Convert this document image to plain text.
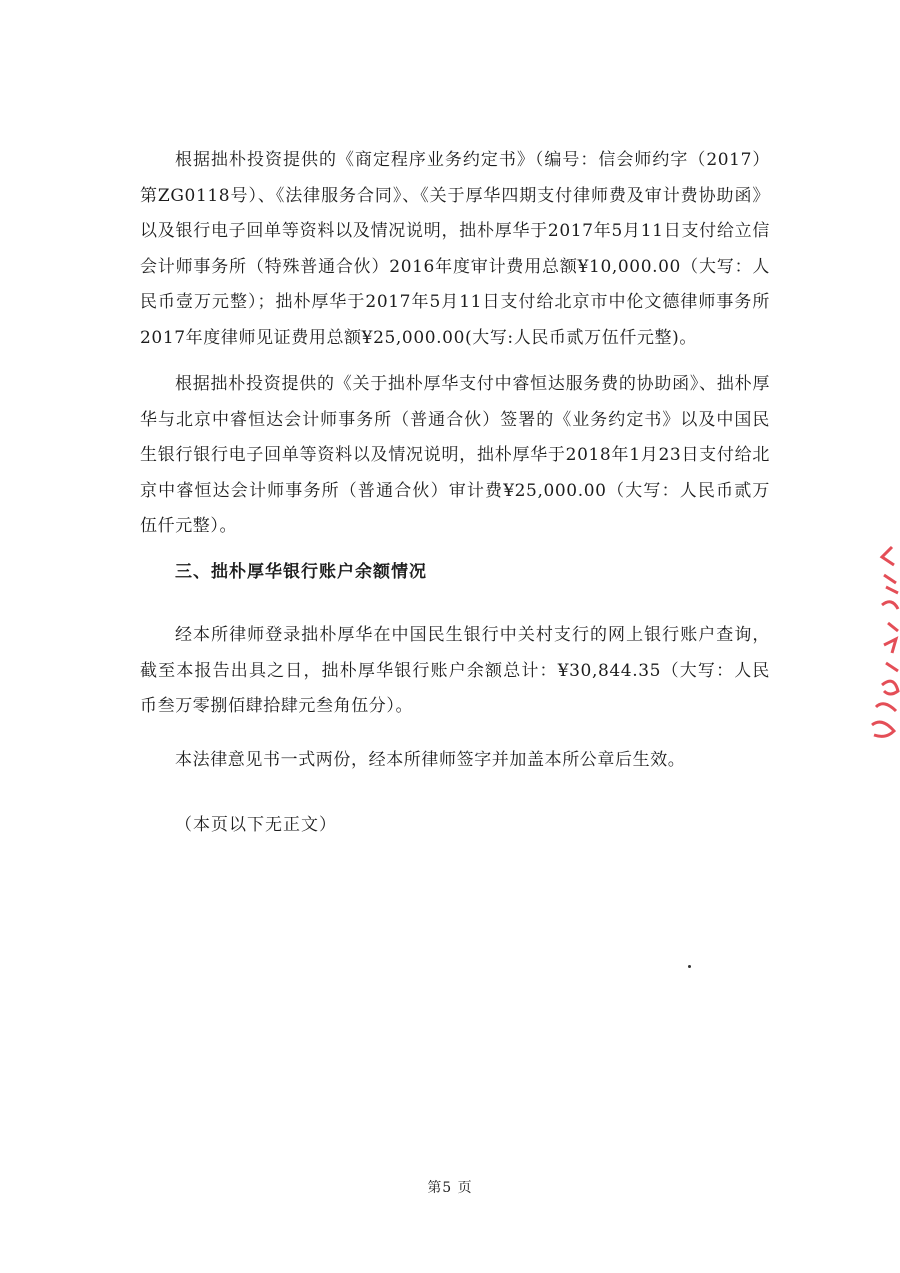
根据拙朴投资提供的《商定程序业务约定书》（编号：信会师约字（2017）第ZG0118号）、《法律服务合同》、《关于厚华四期支付律师费及审计费协助函》以及银行电子回单等资料以及情况说明，拙朴厚华于2017年5月11日支付给立信会计师事务所（特殊普通合伙）2016年度审计费用总额¥10,000.00（大写：人民币壹万元整）；拙朴厚华于2017年5月11日支付给北京市中伦文德律师事务所2017年度律师见证费用总额¥25,000.00(大写:人民币贰万伍仟元整)。

根据拙朴投资提供的《关于拙朴厚华支付中睿恒达服务费的协助函》、拙朴厚华与北京中睿恒达会计师事务所（普通合伙）签署的《业务约定书》以及中国民生银行银行电子回单等资料以及情况说明，拙朴厚华于2018年1月23日支付给北京中睿恒达会计师事务所（普通合伙）审计费¥25,000.00（大写：人民币贰万伍仟元整）。

三、拙朴厚华银行账户余额情况

经本所律师登录拙朴厚华在中国民生银行中关村支行的网上银行账户查询，截至本报告出具之日，拙朴厚华银行账户余额总计：¥30,844.35（大写：人民币叁万零捌佰肆拾肆元叁角伍分）。

本法律意见书一式两份，经本所律师签字并加盖本所公章后生效。

（本页以下无正文）

第5 页
